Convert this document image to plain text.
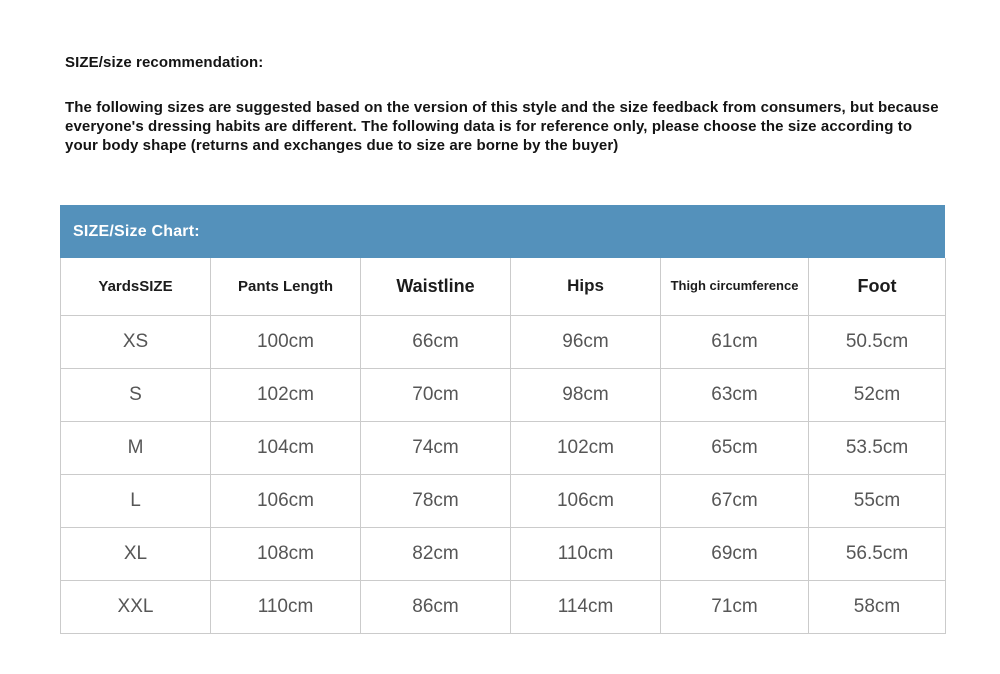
SIZE/size recommendation:

The following sizes are suggested based on the version of this style and the size feedback from consumers, but because everyone's dressing habits are different. The following data is for reference only, please choose the size according to your body shape (returns and exchanges due to size are borne by the buyer)

SIZE/Size Chart:
YardsSIZE	Pants Length	Waistline	Hips	Thigh circumference	Foot
XS	100cm	66cm	96cm	61cm	50.5cm
S	102cm	70cm	98cm	63cm	52cm
M	104cm	74cm	102cm	65cm	53.5cm
L	106cm	78cm	106cm	67cm	55cm
XL	108cm	82cm	110cm	69cm	56.5cm
XXL	110cm	86cm	114cm	71cm	58cm
